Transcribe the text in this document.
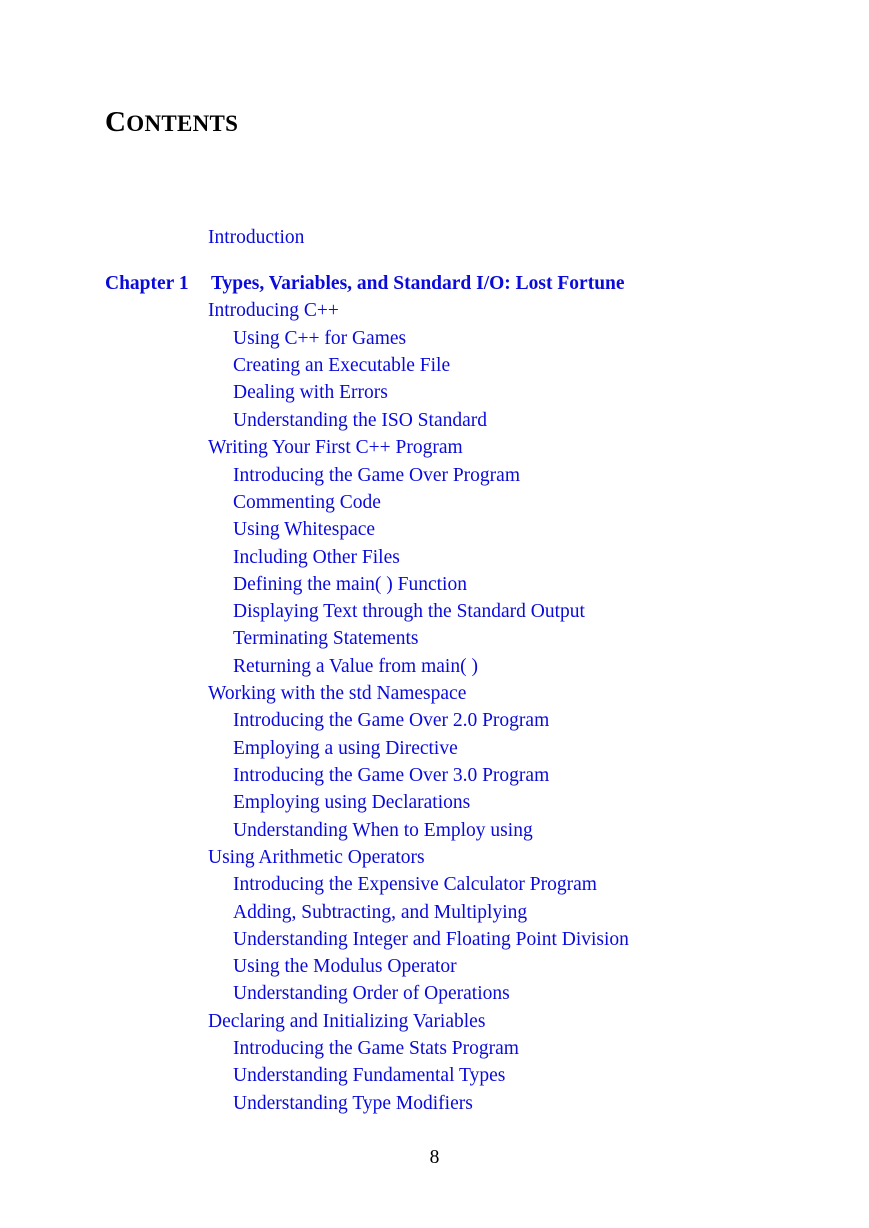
CONTENTS
Introduction
Chapter 1 Types, Variables, and Standard I/O: Lost Fortune
Introducing C++
Using C++ for Games
Creating an Executable File
Dealing with Errors
Understanding the ISO Standard
Writing Your First C++ Program
Introducing the Game Over Program
Commenting Code
Using Whitespace
Including Other Files
Defining the main( ) Function
Displaying Text through the Standard Output
Terminating Statements
Returning a Value from main( )
Working with the std Namespace
Introducing the Game Over 2.0 Program
Employing a using Directive
Introducing the Game Over 3.0 Program
Employing using Declarations
Understanding When to Employ using
Using Arithmetic Operators
Introducing the Expensive Calculator Program
Adding, Subtracting, and Multiplying
Understanding Integer and Floating Point Division
Using the Modulus Operator
Understanding Order of Operations
Declaring and Initializing Variables
Introducing the Game Stats Program
Understanding Fundamental Types
Understanding Type Modifiers
8
